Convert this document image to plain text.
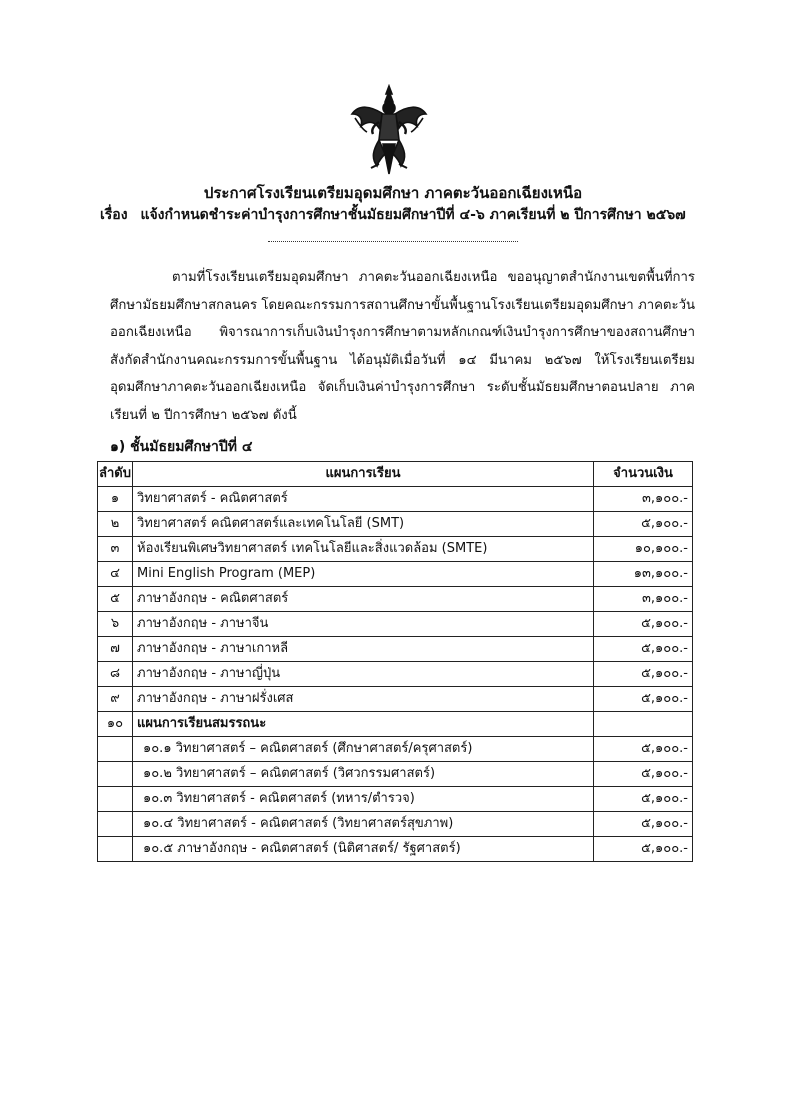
ประกาศโรงเรียนเตรียมอุดมศึกษา ภาคตะวันออกเฉียงเหนือ
เรื่อง แจ้งกำหนดชำระค่าบำรุงการศึกษาชั้นมัธยมศึกษาปีที่ ๔-๖ ภาคเรียนที่ ๒ ปีการศึกษา ๒๕๖๗
ตามที่โรงเรียนเตรียมอุดมศึกษา ภาคตะวันออกเฉียงเหนือ ขออนุญาตสำนักงานเขตพื้นที่การศึกษามัธยมศึกษาสกลนคร โดยคณะกรรมการสถานศึกษาขั้นพื้นฐานโรงเรียนเตรียมอุดมศึกษา ภาคตะวันออกเฉียงเหนือ พิจารณาการเก็บเงินบำรุงการศึกษาตามหลักเกณฑ์เงินบำรุงการศึกษาของสถานศึกษาสังกัดสำนักงานคณะกรรมการขั้นพื้นฐาน ได้อนุมัติเมื่อวันที่ ๑๔ มีนาคม ๒๕๖๗ ให้โรงเรียนเตรียมอุดมศึกษาภาคตะวันออกเฉียงเหนือ จัดเก็บเงินค่าบำรุงการศึกษา ระดับชั้นมัธยมศึกษาตอนปลาย ภาคเรียนที่ ๒ ปีการศึกษา ๒๕๖๗ ดังนี้
๑) ชั้นมัธยมศึกษาปีที่ ๔
ลำดับ	แผนการเรียน	จำนวนเงิน
๑	วิทยาศาสตร์ - คณิตศาสตร์	๓,๑๐๐.-
๒	วิทยาศาสตร์ คณิตศาสตร์และเทคโนโลยี (SMT)	๕,๑๐๐.-
๓	ห้องเรียนพิเศษวิทยาศาสตร์ เทคโนโลยีและสิ่งแวดล้อม (SMTE)	๑๐,๑๐๐.-
๔	Mini English Program (MEP)	๑๓,๑๐๐.-
๕	ภาษาอังกฤษ - คณิตศาสตร์	๓,๑๐๐.-
๖	ภาษาอังกฤษ - ภาษาจีน	๕,๑๐๐.-
๗	ภาษาอังกฤษ - ภาษาเกาหลี	๕,๑๐๐.-
๘	ภาษาอังกฤษ - ภาษาญี่ปุ่น	๕,๑๐๐.-
๙	ภาษาอังกฤษ - ภาษาฝรั่งเศส	๕,๑๐๐.-
๑๐	แผนการเรียนสมรรถนะ	
	๑๐.๑ วิทยาศาสตร์ – คณิตศาสตร์ (ศึกษาศาสตร์/ครุศาสตร์)	๕,๑๐๐.-
	๑๐.๒ วิทยาศาสตร์ – คณิตศาสตร์ (วิศวกรรมศาสตร์)	๕,๑๐๐.-
	๑๐.๓ วิทยาศาสตร์ - คณิตศาสตร์ (ทหาร/ตำรวจ)	๕,๑๐๐.-
	๑๐.๔ วิทยาศาสตร์ - คณิตศาสตร์ (วิทยาศาสตร์สุขภาพ)	๕,๑๐๐.-
	๑๐.๕ ภาษาอังกฤษ - คณิตศาสตร์ (นิติศาสตร์/ รัฐศาสตร์)	๕,๑๐๐.-
